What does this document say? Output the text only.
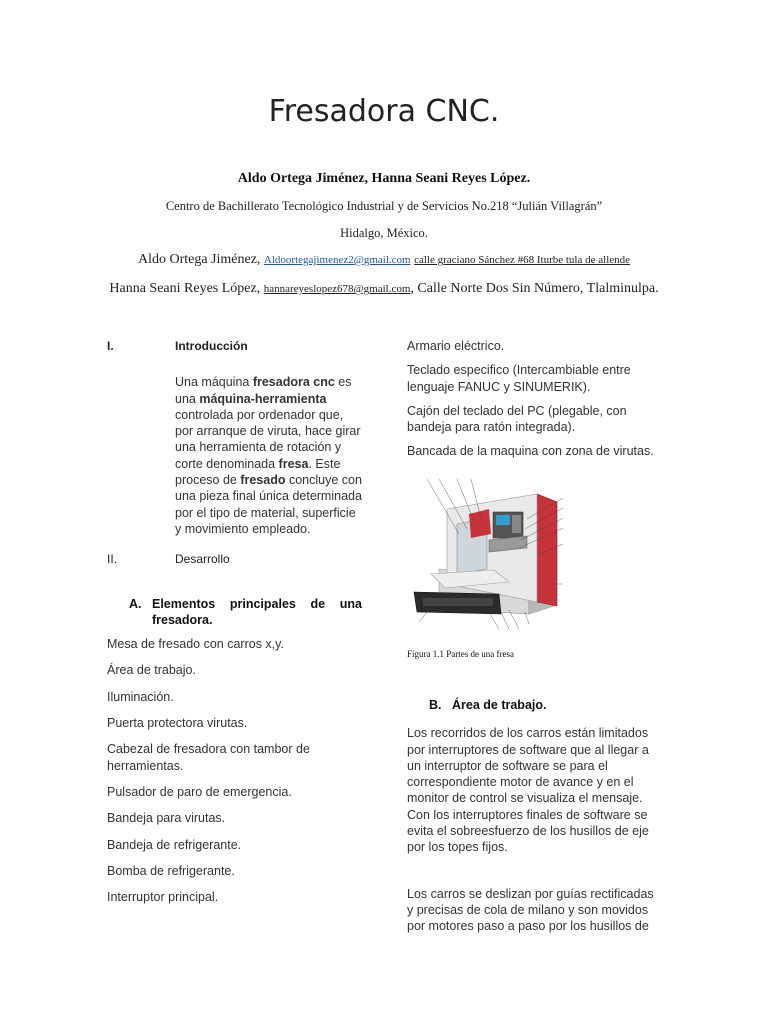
Fresadora CNC.
Aldo Ortega Jiménez, Hanna Seani Reyes López.
Centro de Bachillerato Tecnológico Industrial y de Servicios No.218 “Julián Villagrán”
Hidalgo, México.
Aldo Ortega Jiménez, Aldoortegajimenez2@gmail.com calle graciano Sánchez #68 Iturbe tula de allende
Hanna Seani Reyes López, hannareyeslopez678@gmail.com, Calle Norte Dos Sin Número, Tlalminulpa.
I.	Introducción

Una máquina fresadora cnc es una máquina-herramienta controlada por ordenador que, por arranque de viruta, hace girar una herramienta de rotación y corte denominada fresa. Este proceso de fresado concluye con una pieza final única determinada por el tipo de material, superficie y movimiento empleado.

II.	Desarrollo
A. Elementos principales de una fresadora.

Mesa de fresado con carros x,y.

Área de trabajo.

Iluminación.

Puerta protectora virutas.

Cabezal de fresadora con tambor de herramientas.

Pulsador de paro de emergencia.

Bandeja para virutas.

Bandeja de refrigerante.

Bomba de refrigerante.

Interruptor principal.

Armario eléctrico.

Teclado especifico (Intercambiable entre lenguaje FANUC y SINUMERIK).

Cajón del teclado del PC (plegable, con bandeja para ratón integrada).

Bancada de la maquina con zona de virutas.

Figura 1.1 Partes de una fresa
B. Área de trabajo.

Los recorridos de los carros están limitados por interruptores de software que al llegar a un interruptor de software se para el correspondiente motor de avance y en el monitor de control se visualiza el mensaje. Con los interruptores finales de software se evita el sobreesfuerzo de los husillos de eje por los topes fijos.

Los carros se deslizan por guías rectificadas y precisas de cola de milano y son movidos por motores paso a paso por los husillos de
